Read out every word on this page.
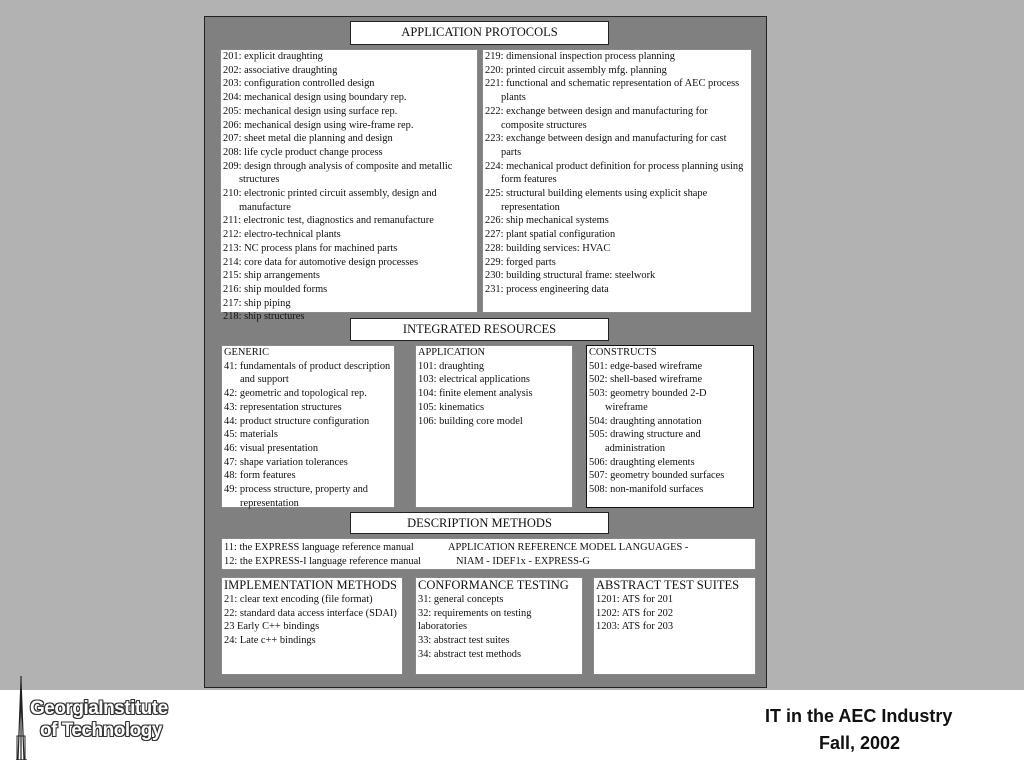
APPLICATION PROTOCOLS
201: explicit draughting
202: associative draughting
203: configuration controlled design
204: mechanical design using boundary rep.
205: mechanical design using surface rep.
206: mechanical design using wire-frame rep.
207: sheet metal die planning and design
208: life cycle product change process
209: design through analysis of composite and metallic structures
210: electronic printed circuit assembly, design and manufacture
211: electronic test, diagnostics and remanufacture
212: electro-technical plants
213: NC process plans for machined parts
214: core data for automotive design processes
215: ship arrangements
216: ship moulded forms
217: ship piping
218: ship structures
219: dimensional inspection process planning
220: printed circuit assembly mfg. planning
221: functional and schematic representation of AEC process plants
222: exchange between design and manufacturing for composite structures
223: exchange between design and manufacturing for cast parts
224: mechanical product definition for process planning using form features
225: structural building elements using explicit shape representation
226: ship mechanical systems
227: plant spatial configuration
228: building services: HVAC
229: forged parts
230: building structural frame: steelwork
231: process engineering data
INTEGRATED RESOURCES
GENERIC
41: fundamentals of product description and support
42: geometric and topological rep.
43: representation structures
44: product structure configuration
45: materials
46: visual presentation
47: shape variation tolerances
48: form features
49: process structure, property and representation
APPLICATION
101: draughting
103: electrical applications
104: finite element analysis
105: kinematics
106: building core model
CONSTRUCTS
501: edge-based wireframe
502: shell-based wireframe
503: geometry bounded 2-D wireframe
504: draughting annotation
505: drawing structure and administration
506: draughting elements
507: geometry bounded surfaces
508: non-manifold surfaces
DESCRIPTION METHODS
11: the EXPRESS language reference manual
12: the EXPRESS-I language reference manual
APPLICATION REFERENCE MODEL LANGUAGES -
NIAM - IDEF1x - EXPRESS-G
IMPLEMENTATION METHODS
21: clear text encoding (file format)
22: standard data access interface (SDAI)
23 Early C++ bindings
24: Late c++ bindings
CONFORMANCE TESTING
31: general concepts
32: requirements on testing laboratories
33: abstract test suites
34: abstract test methods
ABSTRACT TEST SUITES
1201: ATS for 201
1202: ATS for 202
1203: ATS for 203
GeorgiaInstitute
of Technology
IT in the AEC Industry
Fall, 2002
